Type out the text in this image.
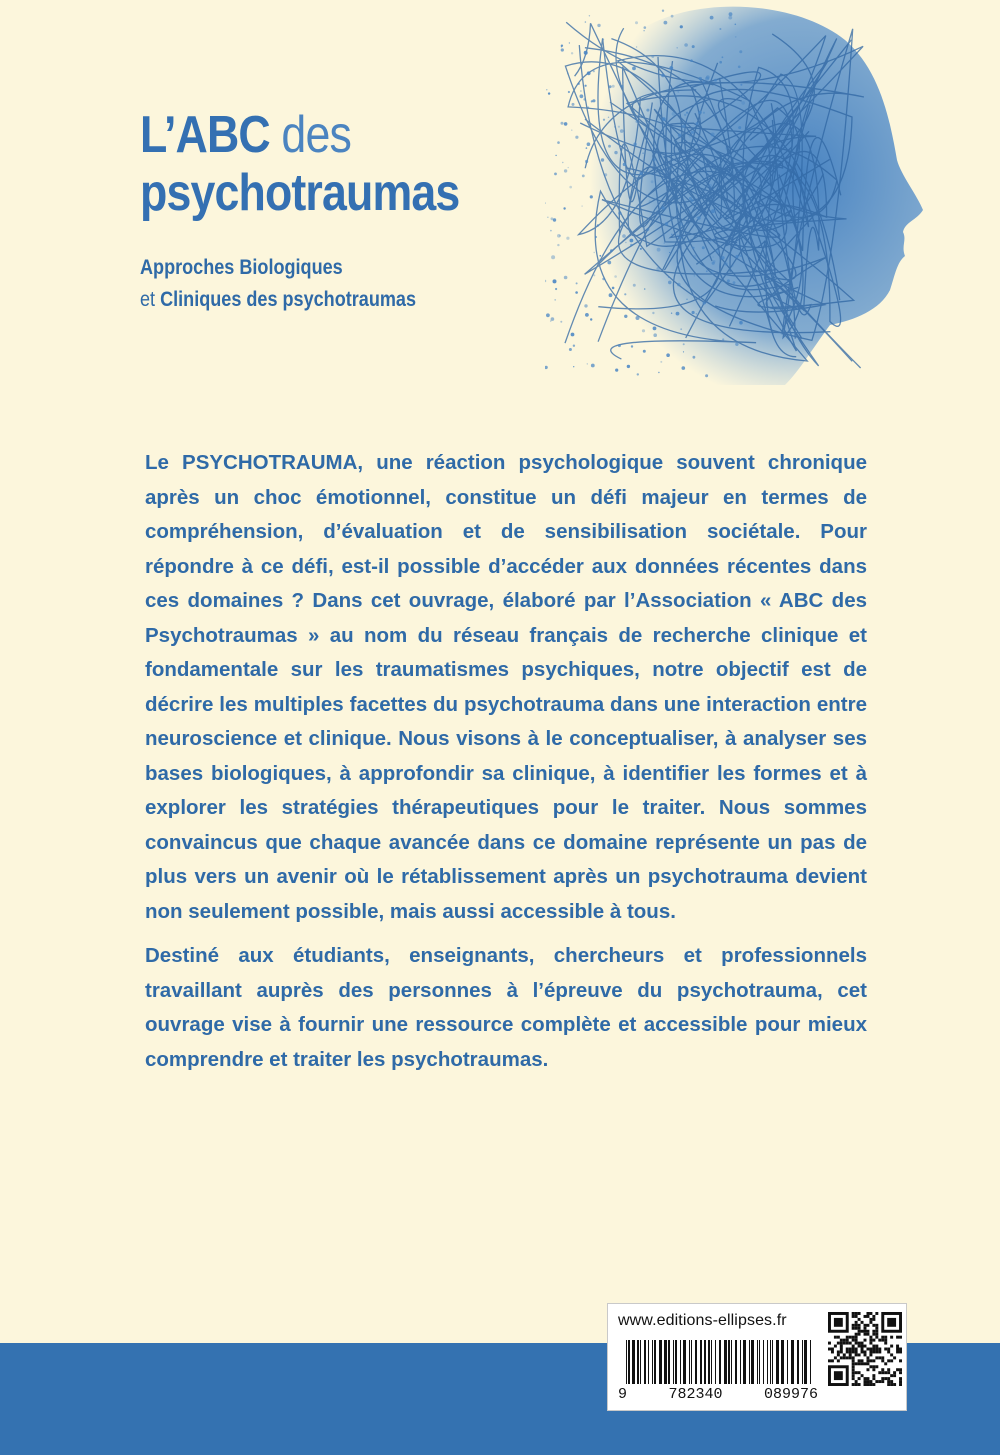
L’ABC des
psychotraumas
Approches Biologiques
et Cliniques des psychotraumas

Le PSYCHOTRAUMA, une réaction psychologique souvent chronique après un choc émotionnel, constitue un défi majeur en termes de compréhension, d’évaluation et de sensibilisation sociétale. Pour répondre à ce défi, est-il possible d’accéder aux données récentes dans ces domaines ? Dans cet ouvrage, élaboré par l’Association « ABC des Psychotraumas » au nom du réseau français de recherche clinique et fondamentale sur les traumatismes psychiques, notre objectif est de décrire les multiples facettes du psychotrauma dans une interaction entre neuroscience et clinique. Nous visons à le conceptualiser, à analyser ses bases biologiques, à approfondir sa clinique, à identifier les formes et à explorer les stratégies thérapeutiques pour le traiter. Nous sommes convaincus que chaque avancée dans ce domaine représente un pas de plus vers un avenir où le rétablissement après un psychotrauma devient non seulement possible, mais aussi accessible à tous.

Destiné aux étudiants, enseignants, chercheurs et professionnels travaillant auprès des personnes à l’épreuve du psychotrauma, cet ouvrage vise à fournir une ressource complète et accessible pour mieux comprendre et traiter les psychotraumas.

www.editions-ellipses.fr
9	782340	089976
